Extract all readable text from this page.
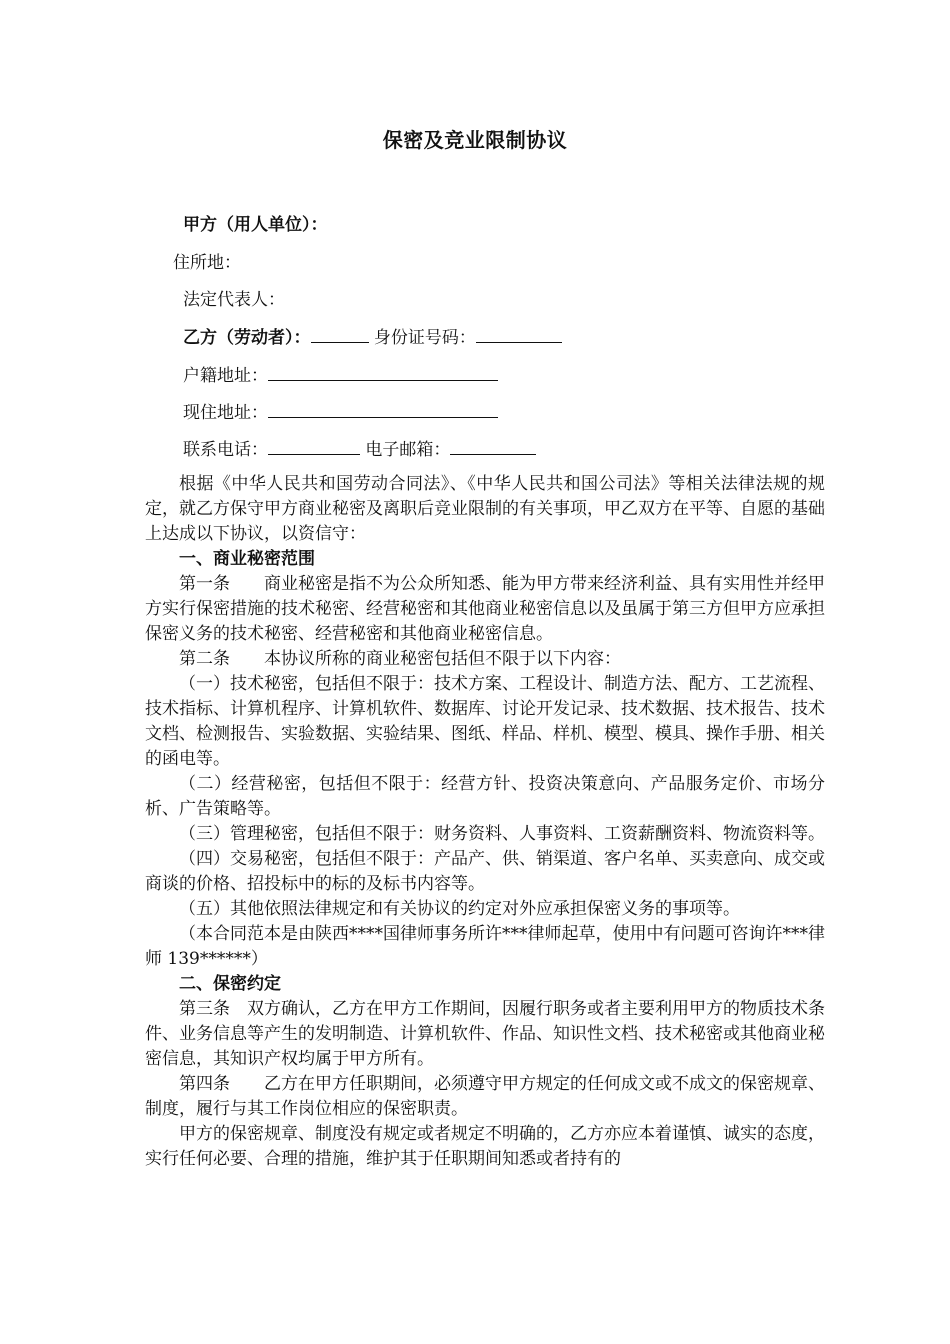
保密及竞业限制协议
甲方（用人单位）：
住所地：
法定代表人：
乙方（劳动者）：	身份证号码：
户籍地址：
现住地址：
联系电话：	电子邮箱：

根据《中华人民共和国劳动合同法》、《中华人民共和国公司法》等相关法律法规的规定，就乙方保守甲方商业秘密及离职后竞业限制的有关事项，甲乙双方在平等、自愿的基础上达成以下协议，以资信守：

一、商业秘密范围

第一条　　商业秘密是指不为公众所知悉、能为甲方带来经济利益、具有实用性并经甲方实行保密措施的技术秘密、经营秘密和其他商业秘密信息以及虽属于第三方但甲方应承担保密义务的技术秘密、经营秘密和其他商业秘密信息。

第二条　　本协议所称的商业秘密包括但不限于以下内容：

（一）技术秘密，包括但不限于：技术方案、工程设计、制造方法、配方、工艺流程、技术指标、计算机程序、计算机软件、数据库、讨论开发记录、技术数据、技术报告、技术文档、检测报告、实验数据、实验结果、图纸、样品、样机、模型、模具、操作手册、相关的函电等。

（二）经营秘密，包括但不限于：经营方针、投资决策意向、产品服务定价、市场分析、广告策略等。

（三）管理秘密，包括但不限于：财务资料、人事资料、工资薪酬资料、物流资料等。

（四）交易秘密，包括但不限于：产品产、供、销渠道、客户名单、买卖意向、成交或商谈的价格、招投标中的标的及标书内容等。

（五）其他依照法律规定和有关协议的约定对外应承担保密义务的事项等。

（本合同范本是由陕西****国律师事务所许***律师起草，使用中有问题可咨询许***律师 139******）

二、保密约定

第三条　双方确认，乙方在甲方工作期间，因履行职务或者主要利用甲方的物质技术条件、业务信息等产生的发明制造、计算机软件、作品、知识性文档、技术秘密或其他商业秘密信息，其知识产权均属于甲方所有。

第四条　　乙方在甲方任职期间，必须遵守甲方规定的任何成文或不成文的保密规章、制度，履行与其工作岗位相应的保密职责。

甲方的保密规章、制度没有规定或者规定不明确的，乙方亦应本着谨慎、诚实的态度，实行任何必要、合理的措施，维护其于任职期间知悉或者持有的
